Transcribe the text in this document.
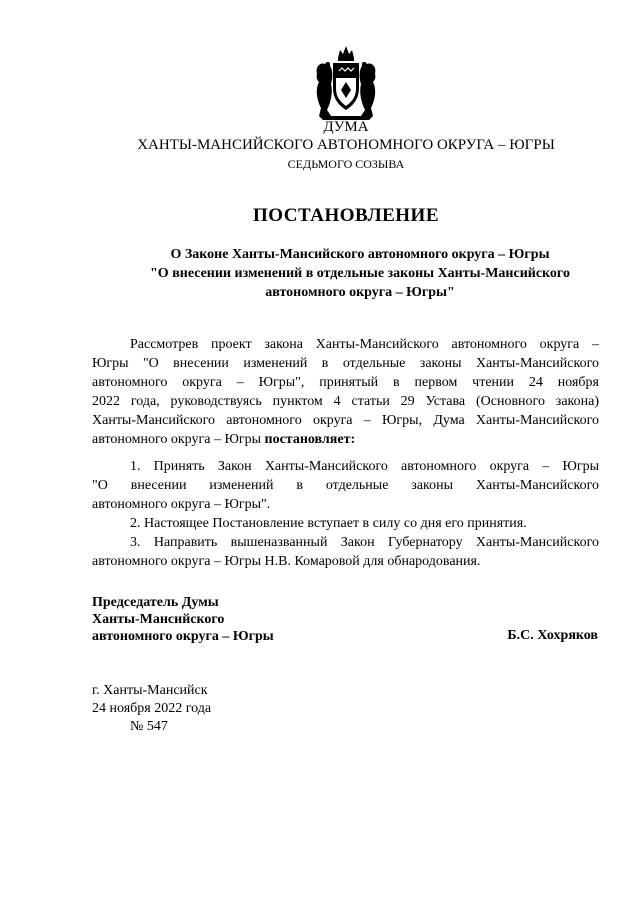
ДУМА
ХАНТЫ-МАНСИЙСКОГО АВТОНОМНОГО ОКРУГА – ЮГРЫ
СЕДЬМОГО СОЗЫВА
ПОСТАНОВЛЕНИЕ
О Законе Ханты-Мансийского автономного округа – Югры
"О внесении изменений в отдельные законы Ханты-Мансийского
автономного округа – Югры"
Рассмотрев проект закона Ханты-Мансийского автономного округа –
Югры "О внесении изменений в отдельные законы Ханты-Мансийского
автономного округа – Югры", принятый в первом чтении 24 ноября
2022 года, руководствуясь пунктом 4 статьи 29 Устава (Основного закона)
Ханты-Мансийского автономного округа – Югры, Дума Ханты-Мансийского
автономного округа – Югры постановляет:
1. Принять Закон Ханты-Мансийского автономного округа – Югры
"О внесении изменений в отдельные законы Ханты-Мансийского
автономного округа – Югры".
2. Настоящее Постановление вступает в силу со дня его принятия.
3. Направить вышеназванный Закон Губернатору Ханты-Мансийского
автономного округа – Югры Н.В. Комаровой для обнародования.
Председатель Думы
Ханты-Мансийского
автономного округа – Югры	Б.С. Хохряков
г. Ханты-Мансийск
24 ноября 2022 года
№ 547
